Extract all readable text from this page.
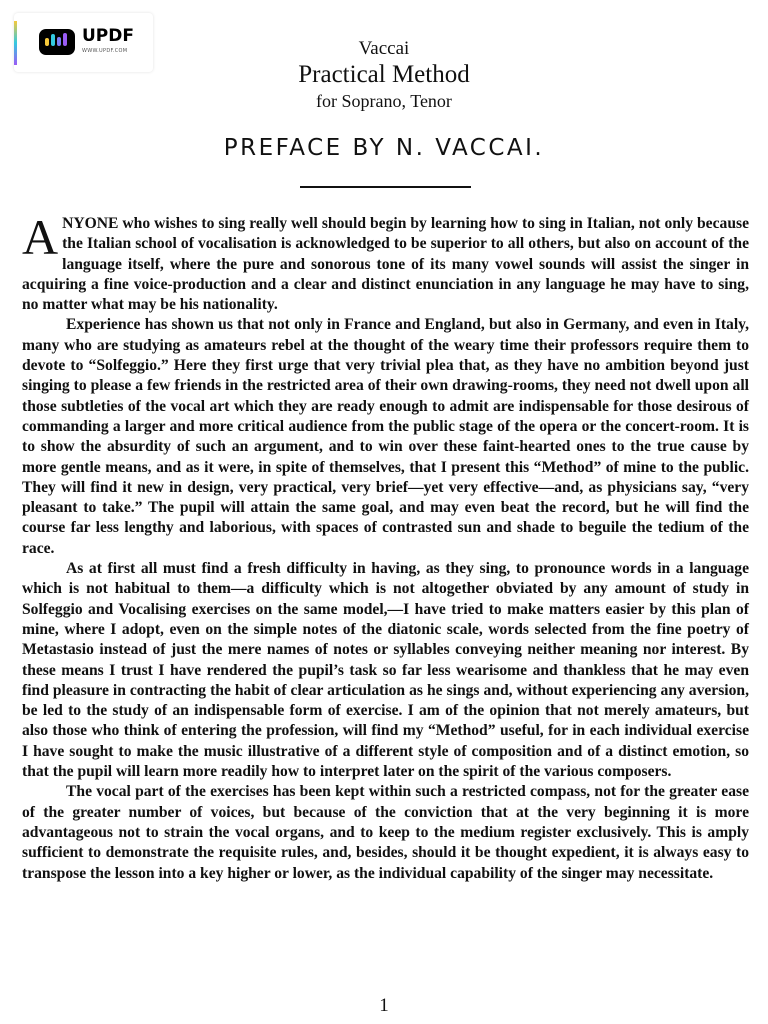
UPDF
WWW.UPDF.COM	Vaccai
Practical Method
for Soprano, Tenor
PREFACE BY N. VACCAI.

A NYONE who wishes to sing really well should begin by learning how to sing in Italian, not only because the Italian school of vocalisation is acknowledged to be superior to all others, but also on account of the language itself, where the pure and sonorous tone of its many vowel sounds will assist the singer in acquiring a fine voice-production and a clear and distinct enunciation in any language he may have to sing, no matter what may be his nationality.

Experience has shown us that not only in France and England, but also in Germany, and even in Italy, many who are studying as amateurs rebel at the thought of the weary time their professors require them to devote to “Solfeggio.” Here they first urge that very trivial plea that, as they have no ambition beyond just singing to please a few friends in the restricted area of their own drawing-rooms, they need not dwell upon all those subtleties of the vocal art which they are ready enough to admit are indispensable for those desirous of commanding a larger and more critical audience from the public stage of the opera or the concert-room. It is to show the absurdity of such an argument, and to win over these faint-hearted ones to the true cause by more gentle means, and as it were, in spite of themselves, that I present this “Method” of mine to the public. They will find it new in design, very practical, very brief—yet very effective—and, as physicians say, “very pleasant to take.” The pupil will attain the same goal, and may even beat the record, but he will find the course far less lengthy and laborious, with spaces of contrasted sun and shade to beguile the tedium of the race.

As at first all must find a fresh difficulty in having, as they sing, to pronounce words in a language which is not habitual to them—a difficulty which is not altogether obviated by any amount of study in Solfeggio and Vocalising exercises on the same model,—I have tried to make matters easier by this plan of mine, where I adopt, even on the simple notes of the diatonic scale, words selected from the fine poetry of Metastasio instead of just the mere names of notes or syllables conveying neither meaning nor interest. By these means I trust I have rendered the pupil’s task so far less wearisome and thankless that he may even find pleasure in contracting the habit of clear articulation as he sings and, without experiencing any aversion, be led to the study of an indispensable form of exercise. I am of the opinion that not merely amateurs, but also those who think of entering the profession, will find my “Method” useful, for in each individual exercise I have sought to make the music illustrative of a different style of composition and of a distinct emotion, so that the pupil will learn more readily how to interpret later on the spirit of the various composers.

The vocal part of the exercises has been kept within such a restricted compass, not for the greater ease of the greater number of voices, but because of the conviction that at the very beginning it is more advantageous not to strain the vocal organs, and to keep to the medium register exclusively. This is amply sufficient to demonstrate the requisite rules, and, besides, should it be thought expedient, it is always easy to transpose the lesson into a key higher or lower, as the individual capability of the singer may necessitate.

1
